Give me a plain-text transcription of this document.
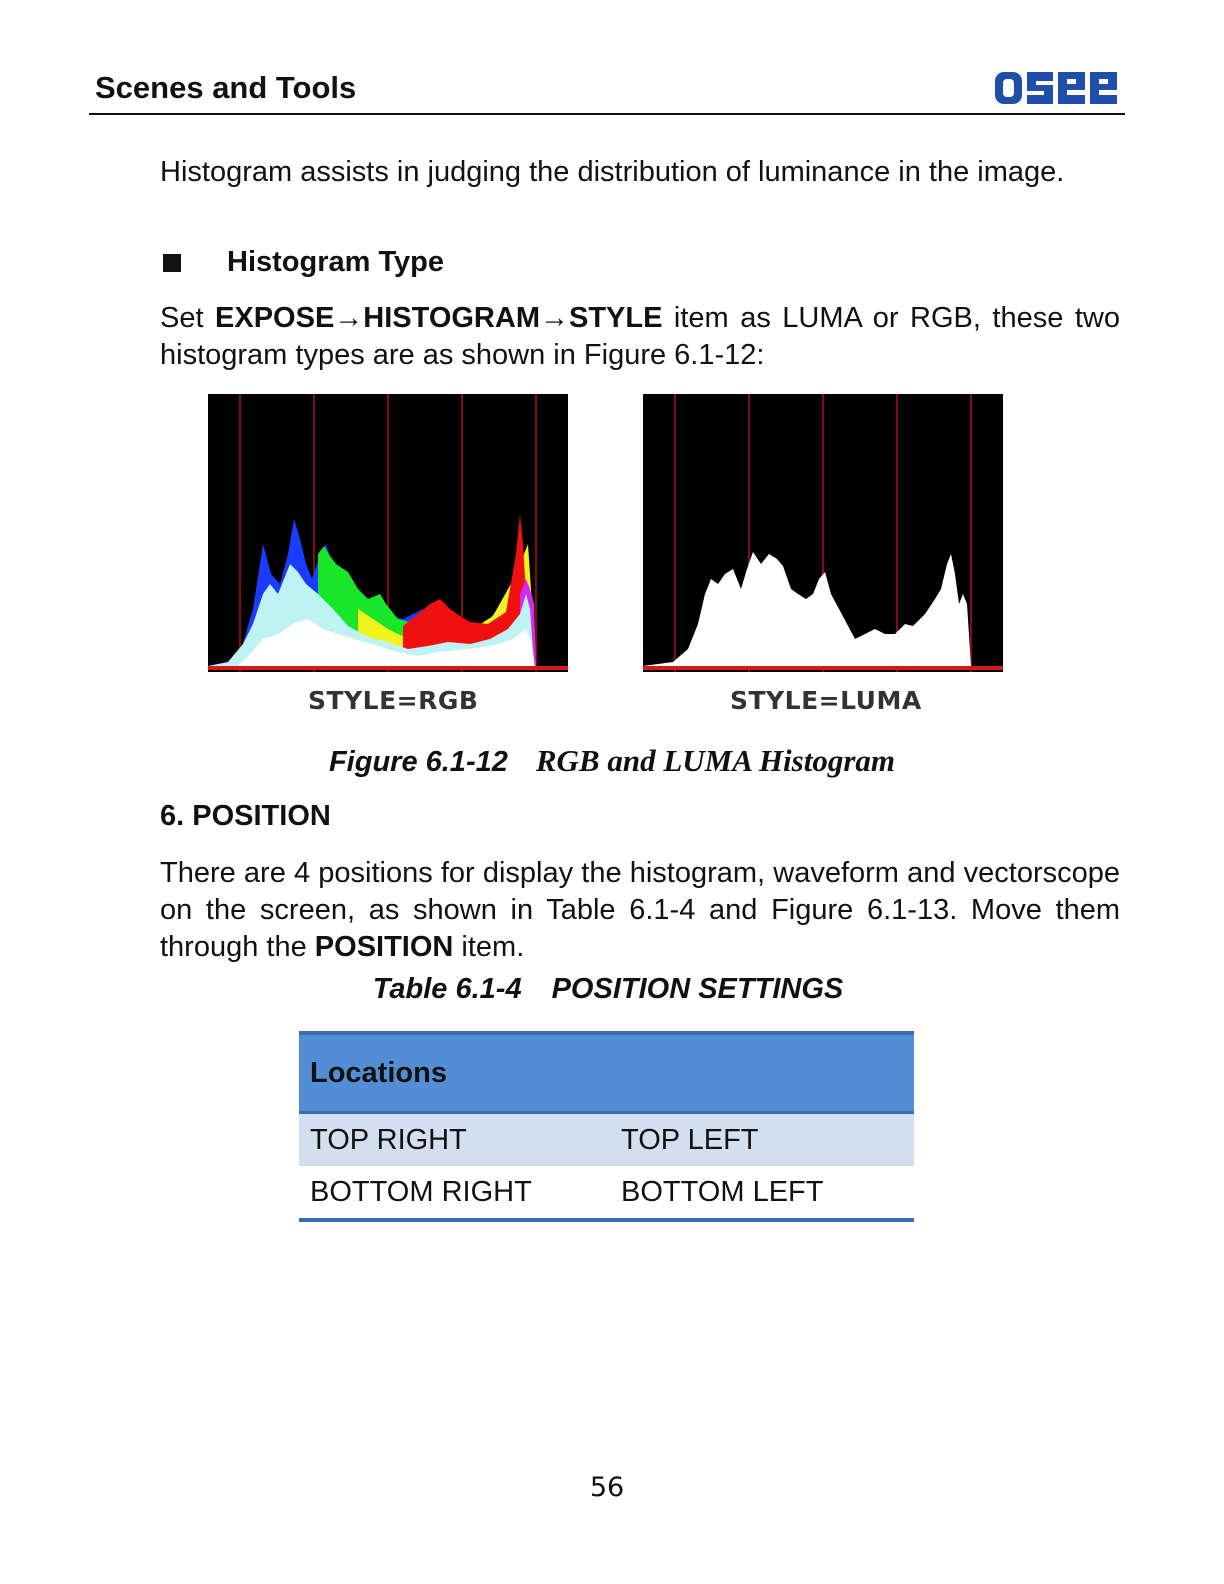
Scenes and Tools
Histogram assists in judging the distribution of luminance in the image.
Histogram Type
Set EXPOSE→HISTOGRAM→STYLE item as LUMA or RGB, these two histogram types are as shown in Figure 6.1-12:
STYLE=RGB	STYLE=LUMA
Figure 6.1-12 RGB and LUMA Histogram
6. POSITION
There are 4 positions for display the histogram, waveform and vectorscope on the screen, as shown in Table 6.1-4 and Figure 6.1-13. Move them through the POSITION item.
Table 6.1-4 POSITION SETTINGS
Locations	
TOP RIGHT	TOP LEFT
BOTTOM RIGHT	BOTTOM LEFT
56
